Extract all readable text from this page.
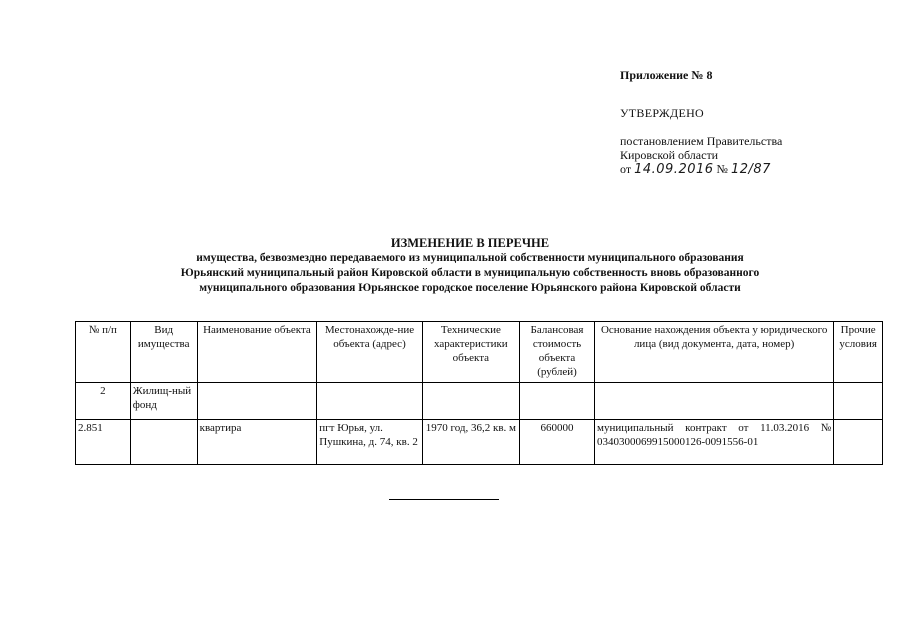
Приложение № 8
УТВЕРЖДЕНО
постановлением Правительства
Кировской области
от 14.09.2016 № 12/87
ИЗМЕНЕНИЕ В ПЕРЕЧНЕ
имущества, безвозмездно передаваемого из муниципальной собственности муниципального образования
Юрьянский муниципальный район Кировской области в муниципальную собственность вновь образованного
муниципального образования Юрьянское городское поселение Юрьянского района Кировской области
№ п/п	Вид имущества	Наименование объекта	Местонахожде-ние объекта (адрес)	Технические характеристики объекта	Балансовая стоимость объекта (рублей)	Основание нахождения объекта у юридического лица (вид документа, дата, номер)	Прочие условия
2	Жилищ-ный фонд						
2.851		квартира	пгт Юрья, ул. Пушкина, д. 74, кв. 2	1970 год, 36,2 кв. м	660000	муниципальный контракт от 11.03.2016 № 0340300069915000126-0091556-01	
